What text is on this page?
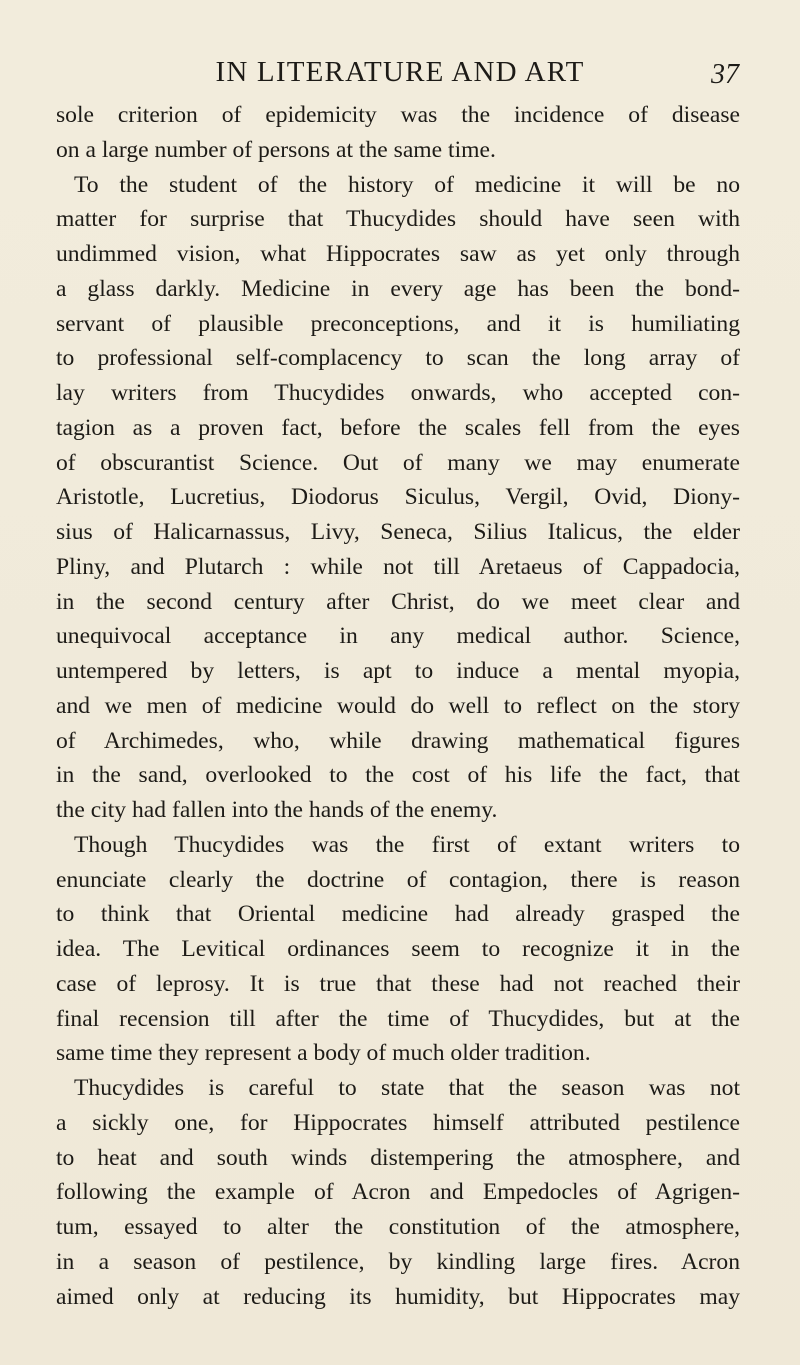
IN LITERATURE AND ART	37
sole criterion of epidemicity was the incidence of disease
on a large number of persons at the same time.
To the student of the history of medicine it will be no
matter for surprise that Thucydides should have seen with
undimmed vision, what Hippocrates saw as yet only through
a glass darkly. Medicine in every age has been the bond-
servant of plausible preconceptions, and it is humiliating
to professional self-complacency to scan the long array of
lay writers from Thucydides onwards, who accepted con-
tagion as a proven fact, before the scales fell from the eyes
of obscurantist Science. Out of many we may enumerate
Aristotle, Lucretius, Diodorus Siculus, Vergil, Ovid, Diony-
sius of Halicarnassus, Livy, Seneca, Silius Italicus, the elder
Pliny, and Plutarch : while not till Aretaeus of Cappadocia,
in the second century after Christ, do we meet clear and
unequivocal acceptance in any medical author. Science,
untempered by letters, is apt to induce a mental myopia,
and we men of medicine would do well to reflect on the story
of Archimedes, who, while drawing mathematical figures
in the sand, overlooked to the cost of his life the fact, that
the city had fallen into the hands of the enemy.
Though Thucydides was the first of extant writers to
enunciate clearly the doctrine of contagion, there is reason
to think that Oriental medicine had already grasped the
idea. The Levitical ordinances seem to recognize it in the
case of leprosy. It is true that these had not reached their
final recension till after the time of Thucydides, but at the
same time they represent a body of much older tradition.
Thucydides is careful to state that the season was not
a sickly one, for Hippocrates himself attributed pestilence
to heat and south winds distempering the atmosphere, and
following the example of Acron and Empedocles of Agrigen-
tum, essayed to alter the constitution of the atmosphere,
in a season of pestilence, by kindling large fires. Acron
aimed only at reducing its humidity, but Hippocrates may
